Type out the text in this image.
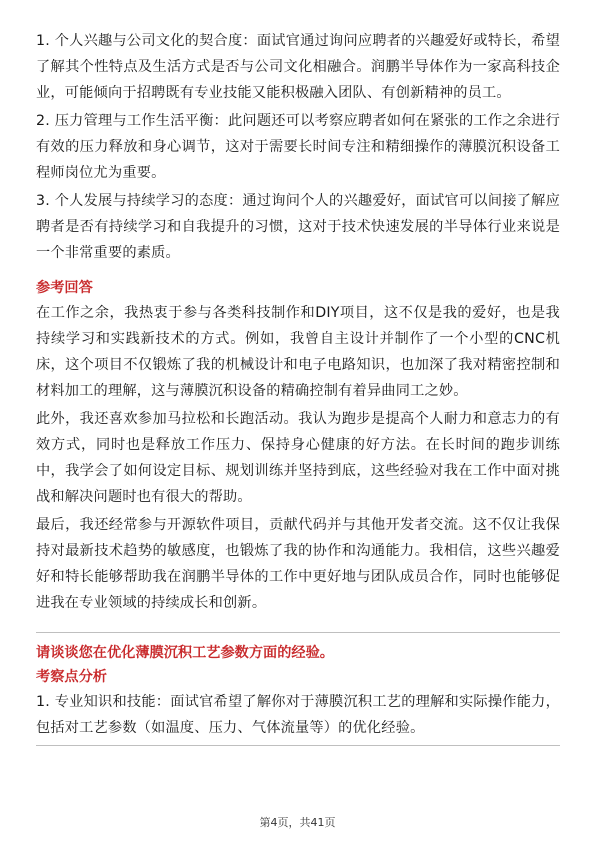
1. 个人兴趣与公司文化的契合度：面试官通过询问应聘者的兴趣爱好或特长，希望了解其个性特点及生活方式是否与公司文化相融合。润鹏半导体作为一家高科技企业，可能倾向于招聘既有专业技能又能积极融入团队、有创新精神的员工。

2. 压力管理与工作生活平衡：此问题还可以考察应聘者如何在紧张的工作之余进行有效的压力释放和身心调节，这对于需要长时间专注和精细操作的薄膜沉积设备工程师岗位尤为重要。

3. 个人发展与持续学习的态度：通过询问个人的兴趣爱好，面试官可以间接了解应聘者是否有持续学习和自我提升的习惯，这对于技术快速发展的半导体行业来说是一个非常重要的素质。

参考回答

在工作之余，我热衷于参与各类科技制作和DIY项目，这不仅是我的爱好，也是我持续学习和实践新技术的方式。例如，我曾自主设计并制作了一个小型的CNC机床，这个项目不仅锻炼了我的机械设计和电子电路知识，也加深了我对精密控制和材料加工的理解，这与薄膜沉积设备的精确控制有着异曲同工之妙。

此外，我还喜欢参加马拉松和长跑活动。我认为跑步是提高个人耐力和意志力的有效方式，同时也是释放工作压力、保持身心健康的好方法。在长时间的跑步训练中，我学会了如何设定目标、规划训练并坚持到底，这些经验对我在工作中面对挑战和解决问题时也有很大的帮助。

最后，我还经常参与开源软件项目，贡献代码并与其他开发者交流。这不仅让我保持对最新技术趋势的敏感度，也锻炼了我的协作和沟通能力。我相信，这些兴趣爱好和特长能够帮助我在润鹏半导体的工作中更好地与团队成员合作，同时也能够促进我在专业领域的持续成长和创新。

请谈谈您在优化薄膜沉积工艺参数方面的经验。
考察点分析

1. 专业知识和技能：面试官希望了解你对于薄膜沉积工艺的理解和实际操作能力，包括对工艺参数（如温度、压力、气体流量等）的优化经验。

第4页，共41页
